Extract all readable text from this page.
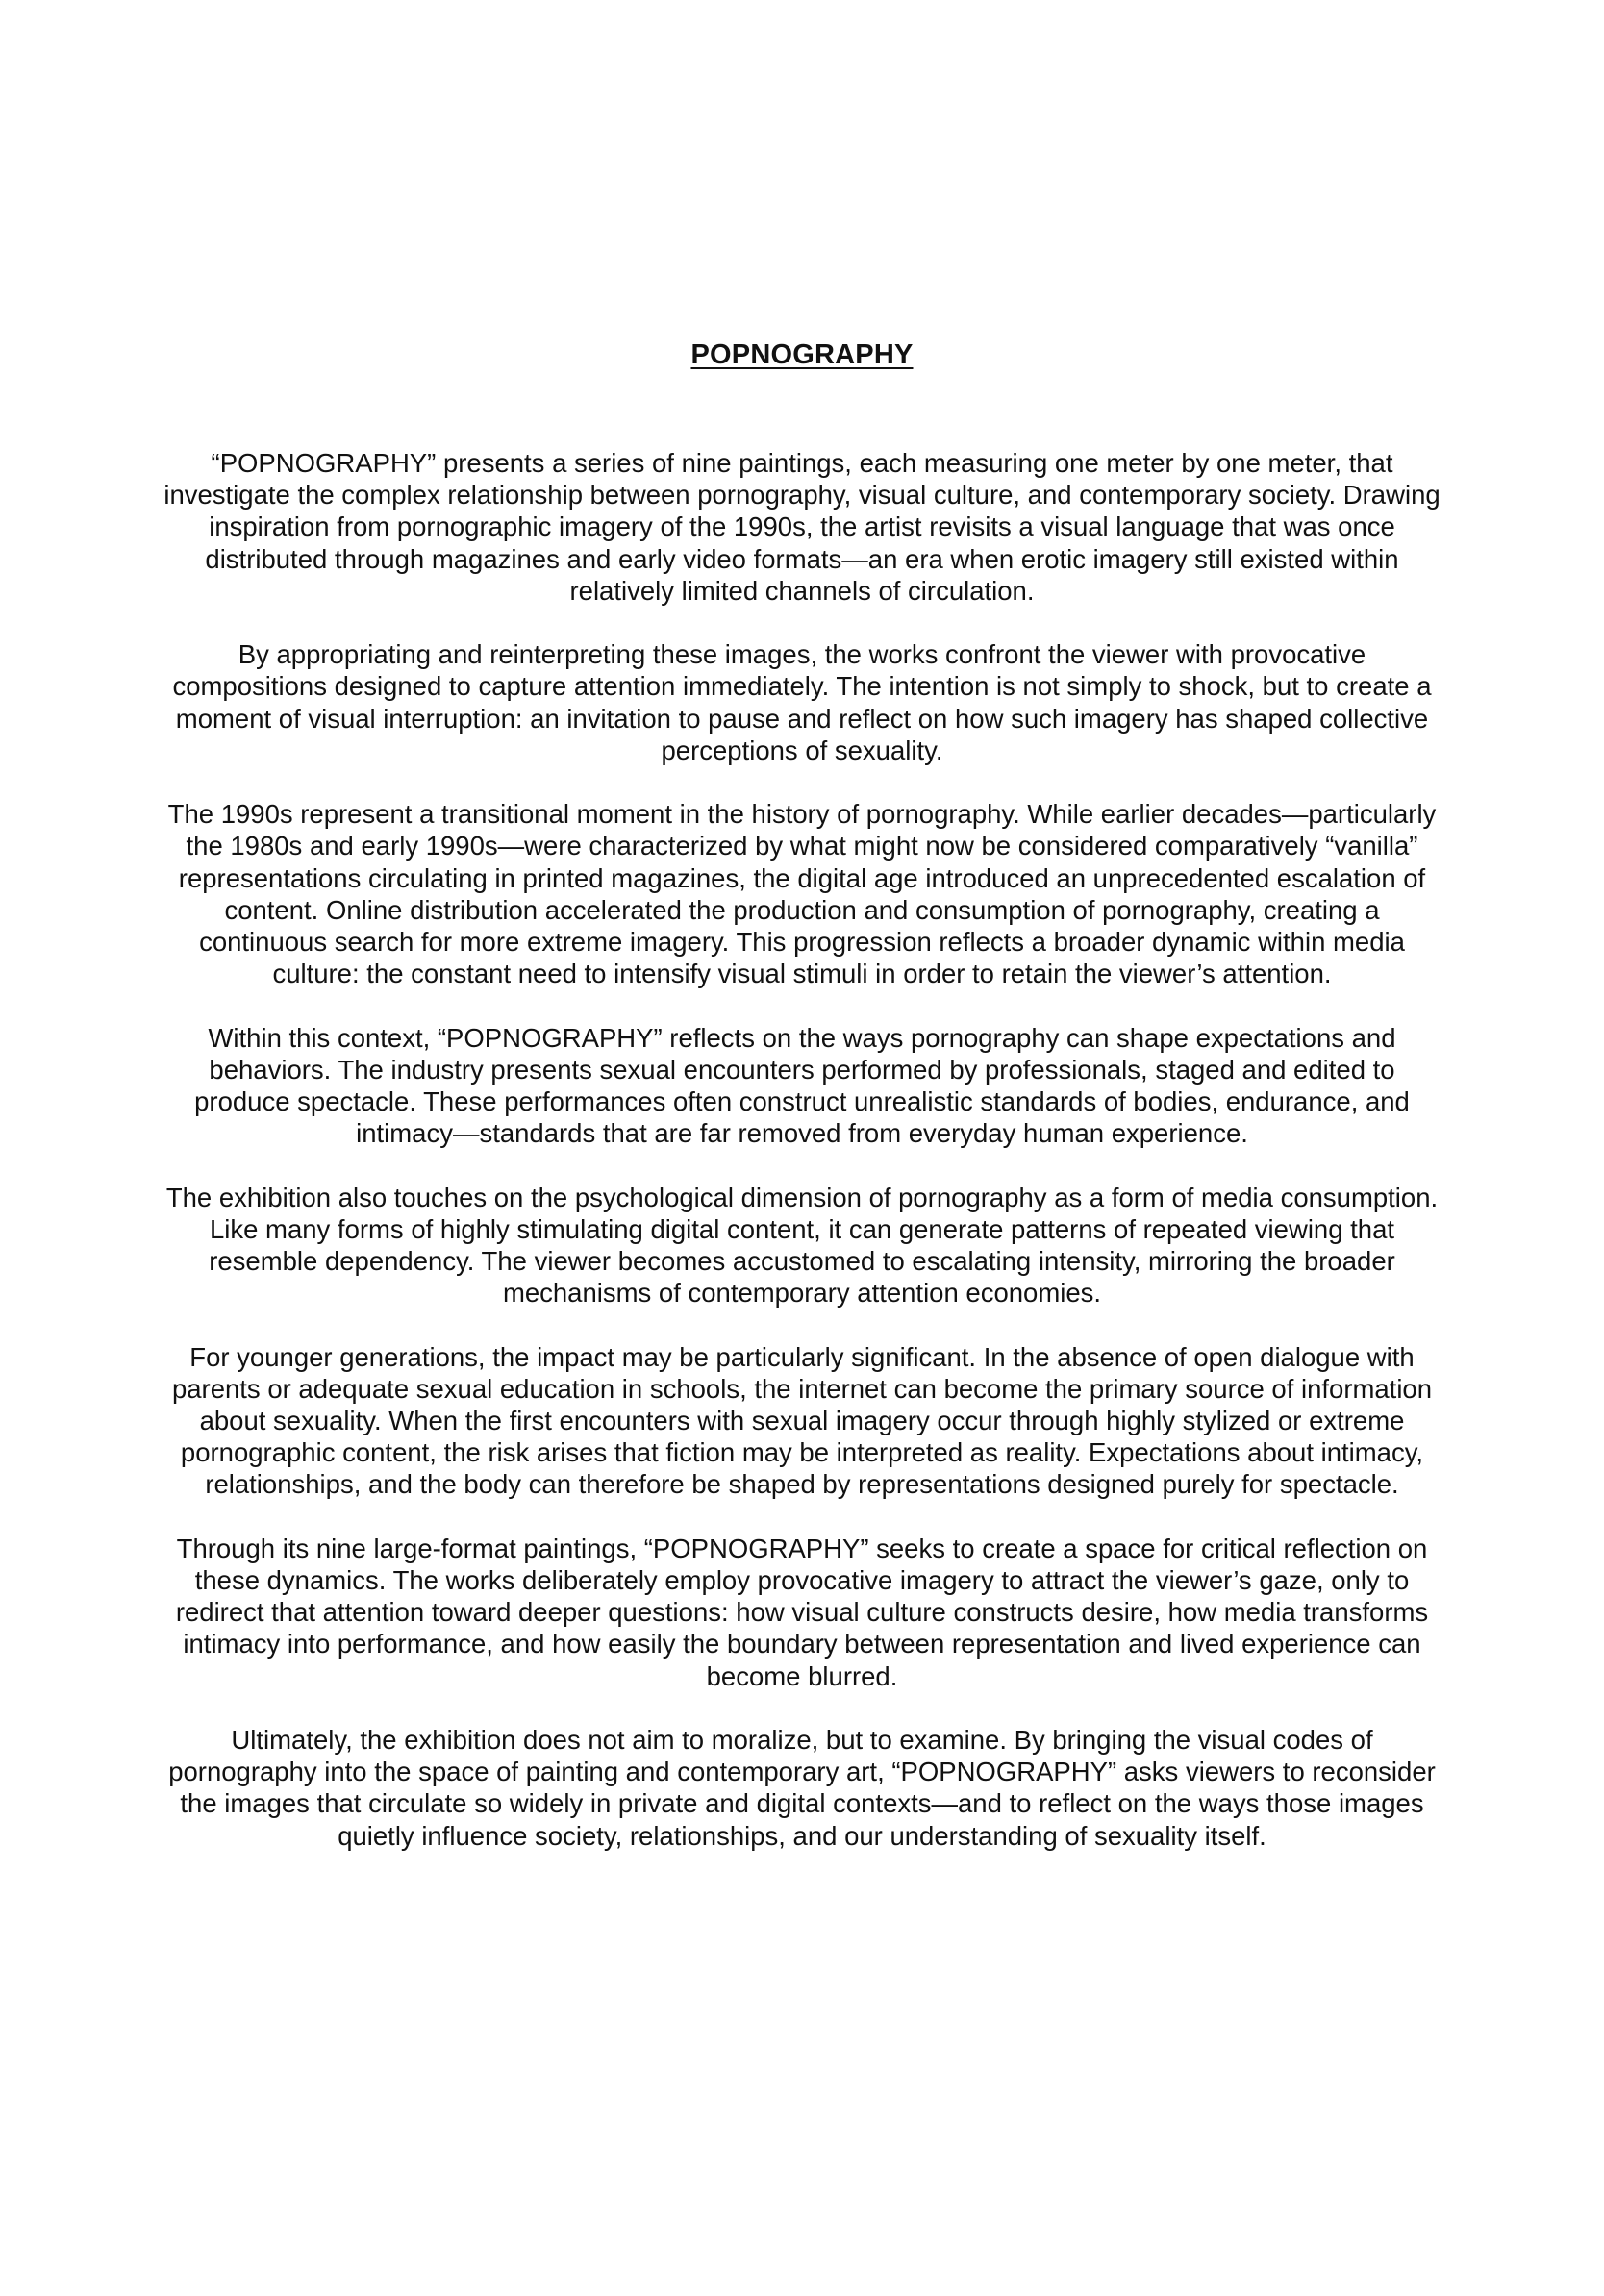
POPNOGRAPHY

“POPNOGRAPHY” presents a series of nine paintings, each measuring one meter by one meter, that investigate the complex relationship between pornography, visual culture, and contemporary society. Drawing inspiration from pornographic imagery of the 1990s, the artist revisits a visual language that was once distributed through magazines and early video formats—an era when erotic imagery still existed within relatively limited channels of circulation.

By appropriating and reinterpreting these images, the works confront the viewer with provocative compositions designed to capture attention immediately. The intention is not simply to shock, but to create a moment of visual interruption: an invitation to pause and reflect on how such imagery has shaped collective perceptions of sexuality.

The 1990s represent a transitional moment in the history of pornography. While earlier decades—particularly the 1980s and early 1990s—were characterized by what might now be considered comparatively “vanilla” representations circulating in printed magazines, the digital age introduced an unprecedented escalation of content. Online distribution accelerated the production and consumption of pornography, creating a continuous search for more extreme imagery. This progression reflects a broader dynamic within media culture: the constant need to intensify visual stimuli in order to retain the viewer’s attention.

Within this context, “POPNOGRAPHY” reflects on the ways pornography can shape expectations and behaviors. The industry presents sexual encounters performed by professionals, staged and edited to produce spectacle. These performances often construct unrealistic standards of bodies, endurance, and intimacy—standards that are far removed from everyday human experience.

The exhibition also touches on the psychological dimension of pornography as a form of media consumption. Like many forms of highly stimulating digital content, it can generate patterns of repeated viewing that resemble dependency. The viewer becomes accustomed to escalating intensity, mirroring the broader mechanisms of contemporary attention economies.

For younger generations, the impact may be particularly significant. In the absence of open dialogue with parents or adequate sexual education in schools, the internet can become the primary source of information about sexuality. When the first encounters with sexual imagery occur through highly stylized or extreme pornographic content, the risk arises that fiction may be interpreted as reality. Expectations about intimacy, relationships, and the body can therefore be shaped by representations designed purely for spectacle.

Through its nine large-format paintings, “POPNOGRAPHY” seeks to create a space for critical reflection on these dynamics. The works deliberately employ provocative imagery to attract the viewer’s gaze, only to redirect that attention toward deeper questions: how visual culture constructs desire, how media transforms intimacy into performance, and how easily the boundary between representation and lived experience can become blurred.

Ultimately, the exhibition does not aim to moralize, but to examine. By bringing the visual codes of pornography into the space of painting and contemporary art, “POPNOGRAPHY” asks viewers to reconsider the images that circulate so widely in private and digital contexts—and to reflect on the ways those images quietly influence society, relationships, and our understanding of sexuality itself.
